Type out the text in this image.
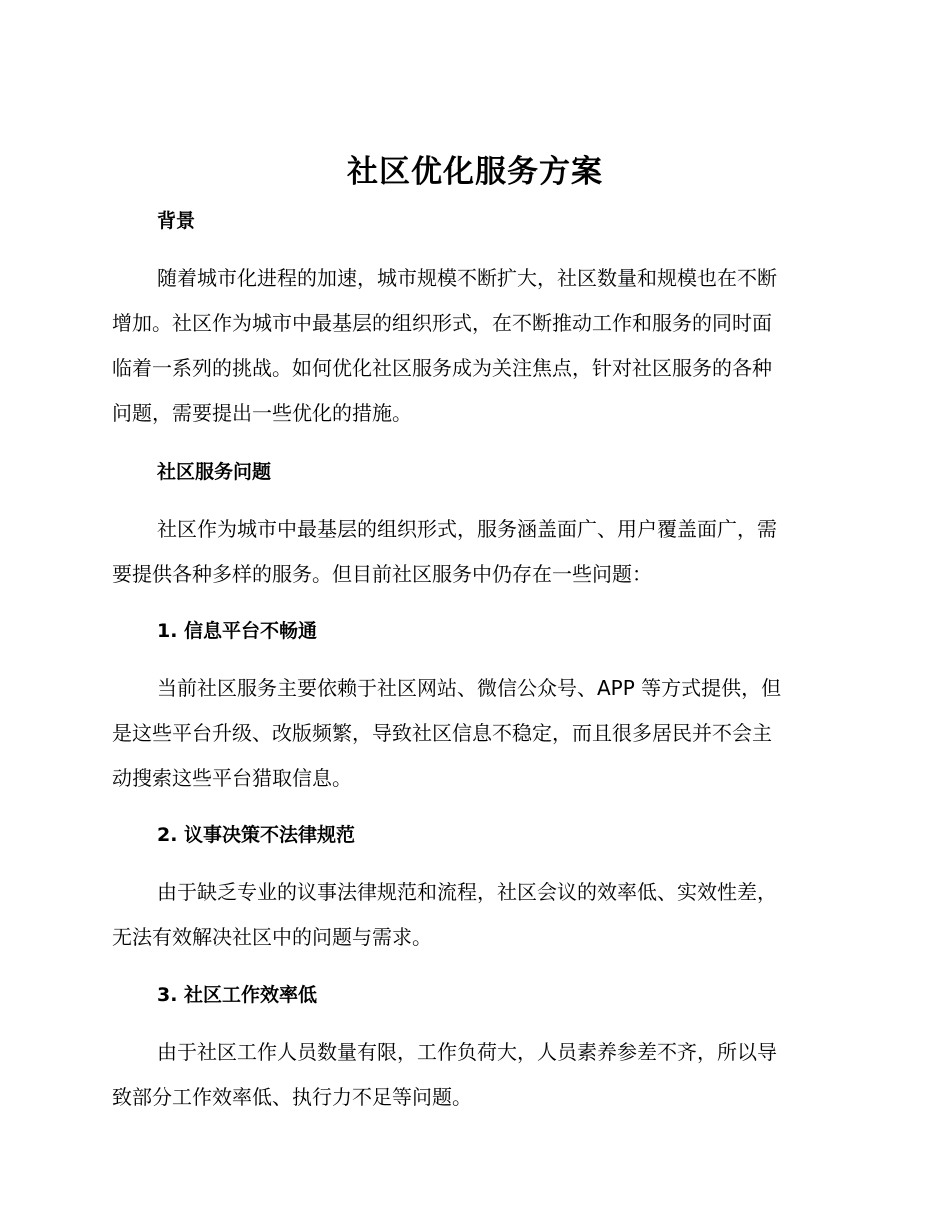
社区优化服务方案
背景
随着城市化进程的加速，城市规模不断扩大，社区数量和规模也在不断
增加。社区作为城市中最基层的组织形式，在不断推动工作和服务的同时面
临着一系列的挑战。如何优化社区服务成为关注焦点，针对社区服务的各种
问题，需要提出一些优化的措施。
社区服务问题
社区作为城市中最基层的组织形式，服务涵盖面广、用户覆盖面广，需
要提供各种多样的服务。但目前社区服务中仍存在一些问题：
1. 信息平台不畅通
当前社区服务主要依赖于社区网站、微信公众号、APP 等方式提供，但
是这些平台升级、改版频繁，导致社区信息不稳定，而且很多居民并不会主
动搜索这些平台猎取信息。
2. 议事决策不法律规范
由于缺乏专业的议事法律规范和流程，社区会议的效率低、实效性差，
无法有效解决社区中的问题与需求。
3. 社区工作效率低
由于社区工作人员数量有限，工作负荷大，人员素养参差不齐，所以导
致部分工作效率低、执行力不足等问题。
